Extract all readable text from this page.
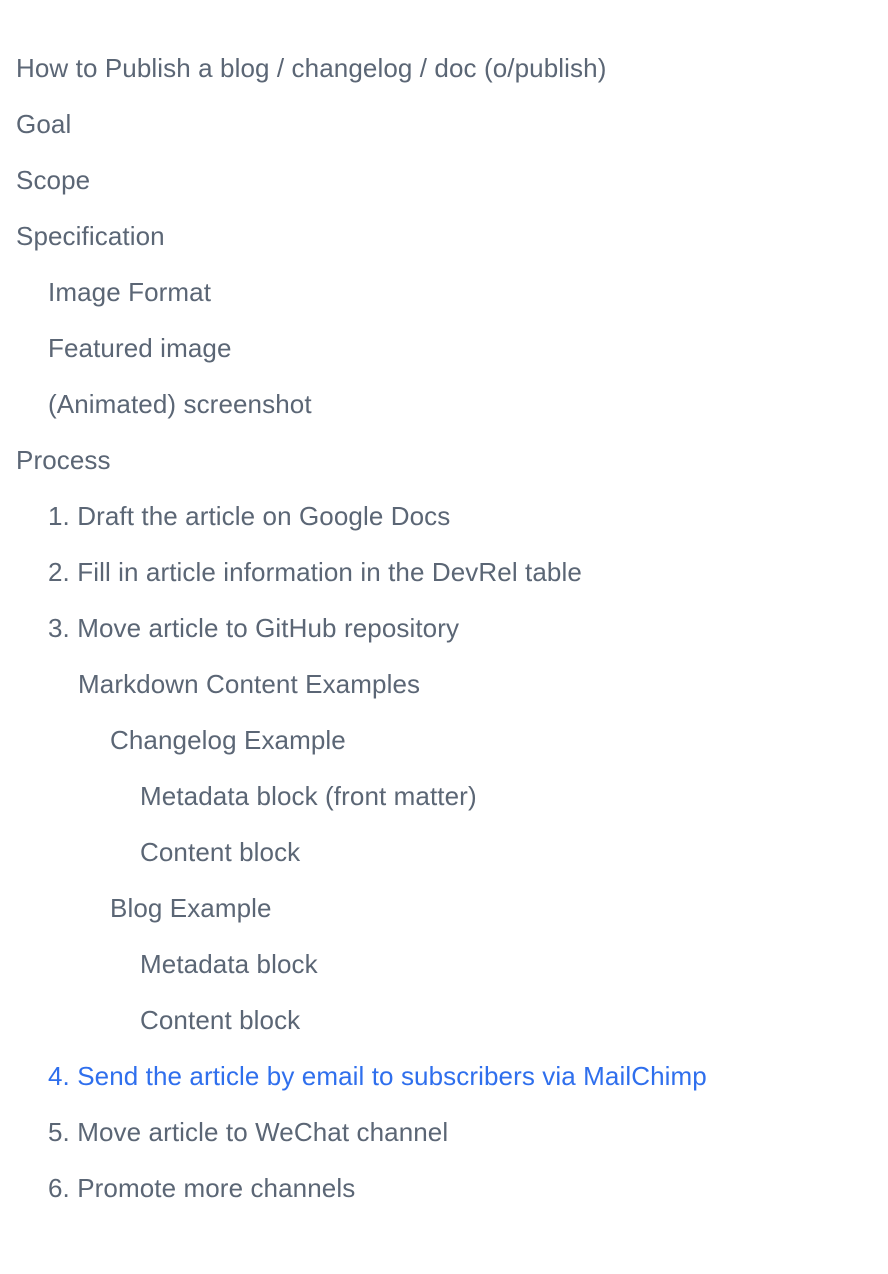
How to Publish a blog / changelog / doc (o/publish)
Goal
Scope
Specification
Image Format
Featured image
(Animated) screenshot
Process
1. Draft the article on Google Docs
2. Fill in article information in the DevRel table
3. Move article to GitHub repository
Markdown Content Examples
Changelog Example
Metadata block (front matter)
Content block
Blog Example
Metadata block
Content block
4. Send the article by email to subscribers via MailChimp
5. Move article to WeChat channel
6. Promote more channels
